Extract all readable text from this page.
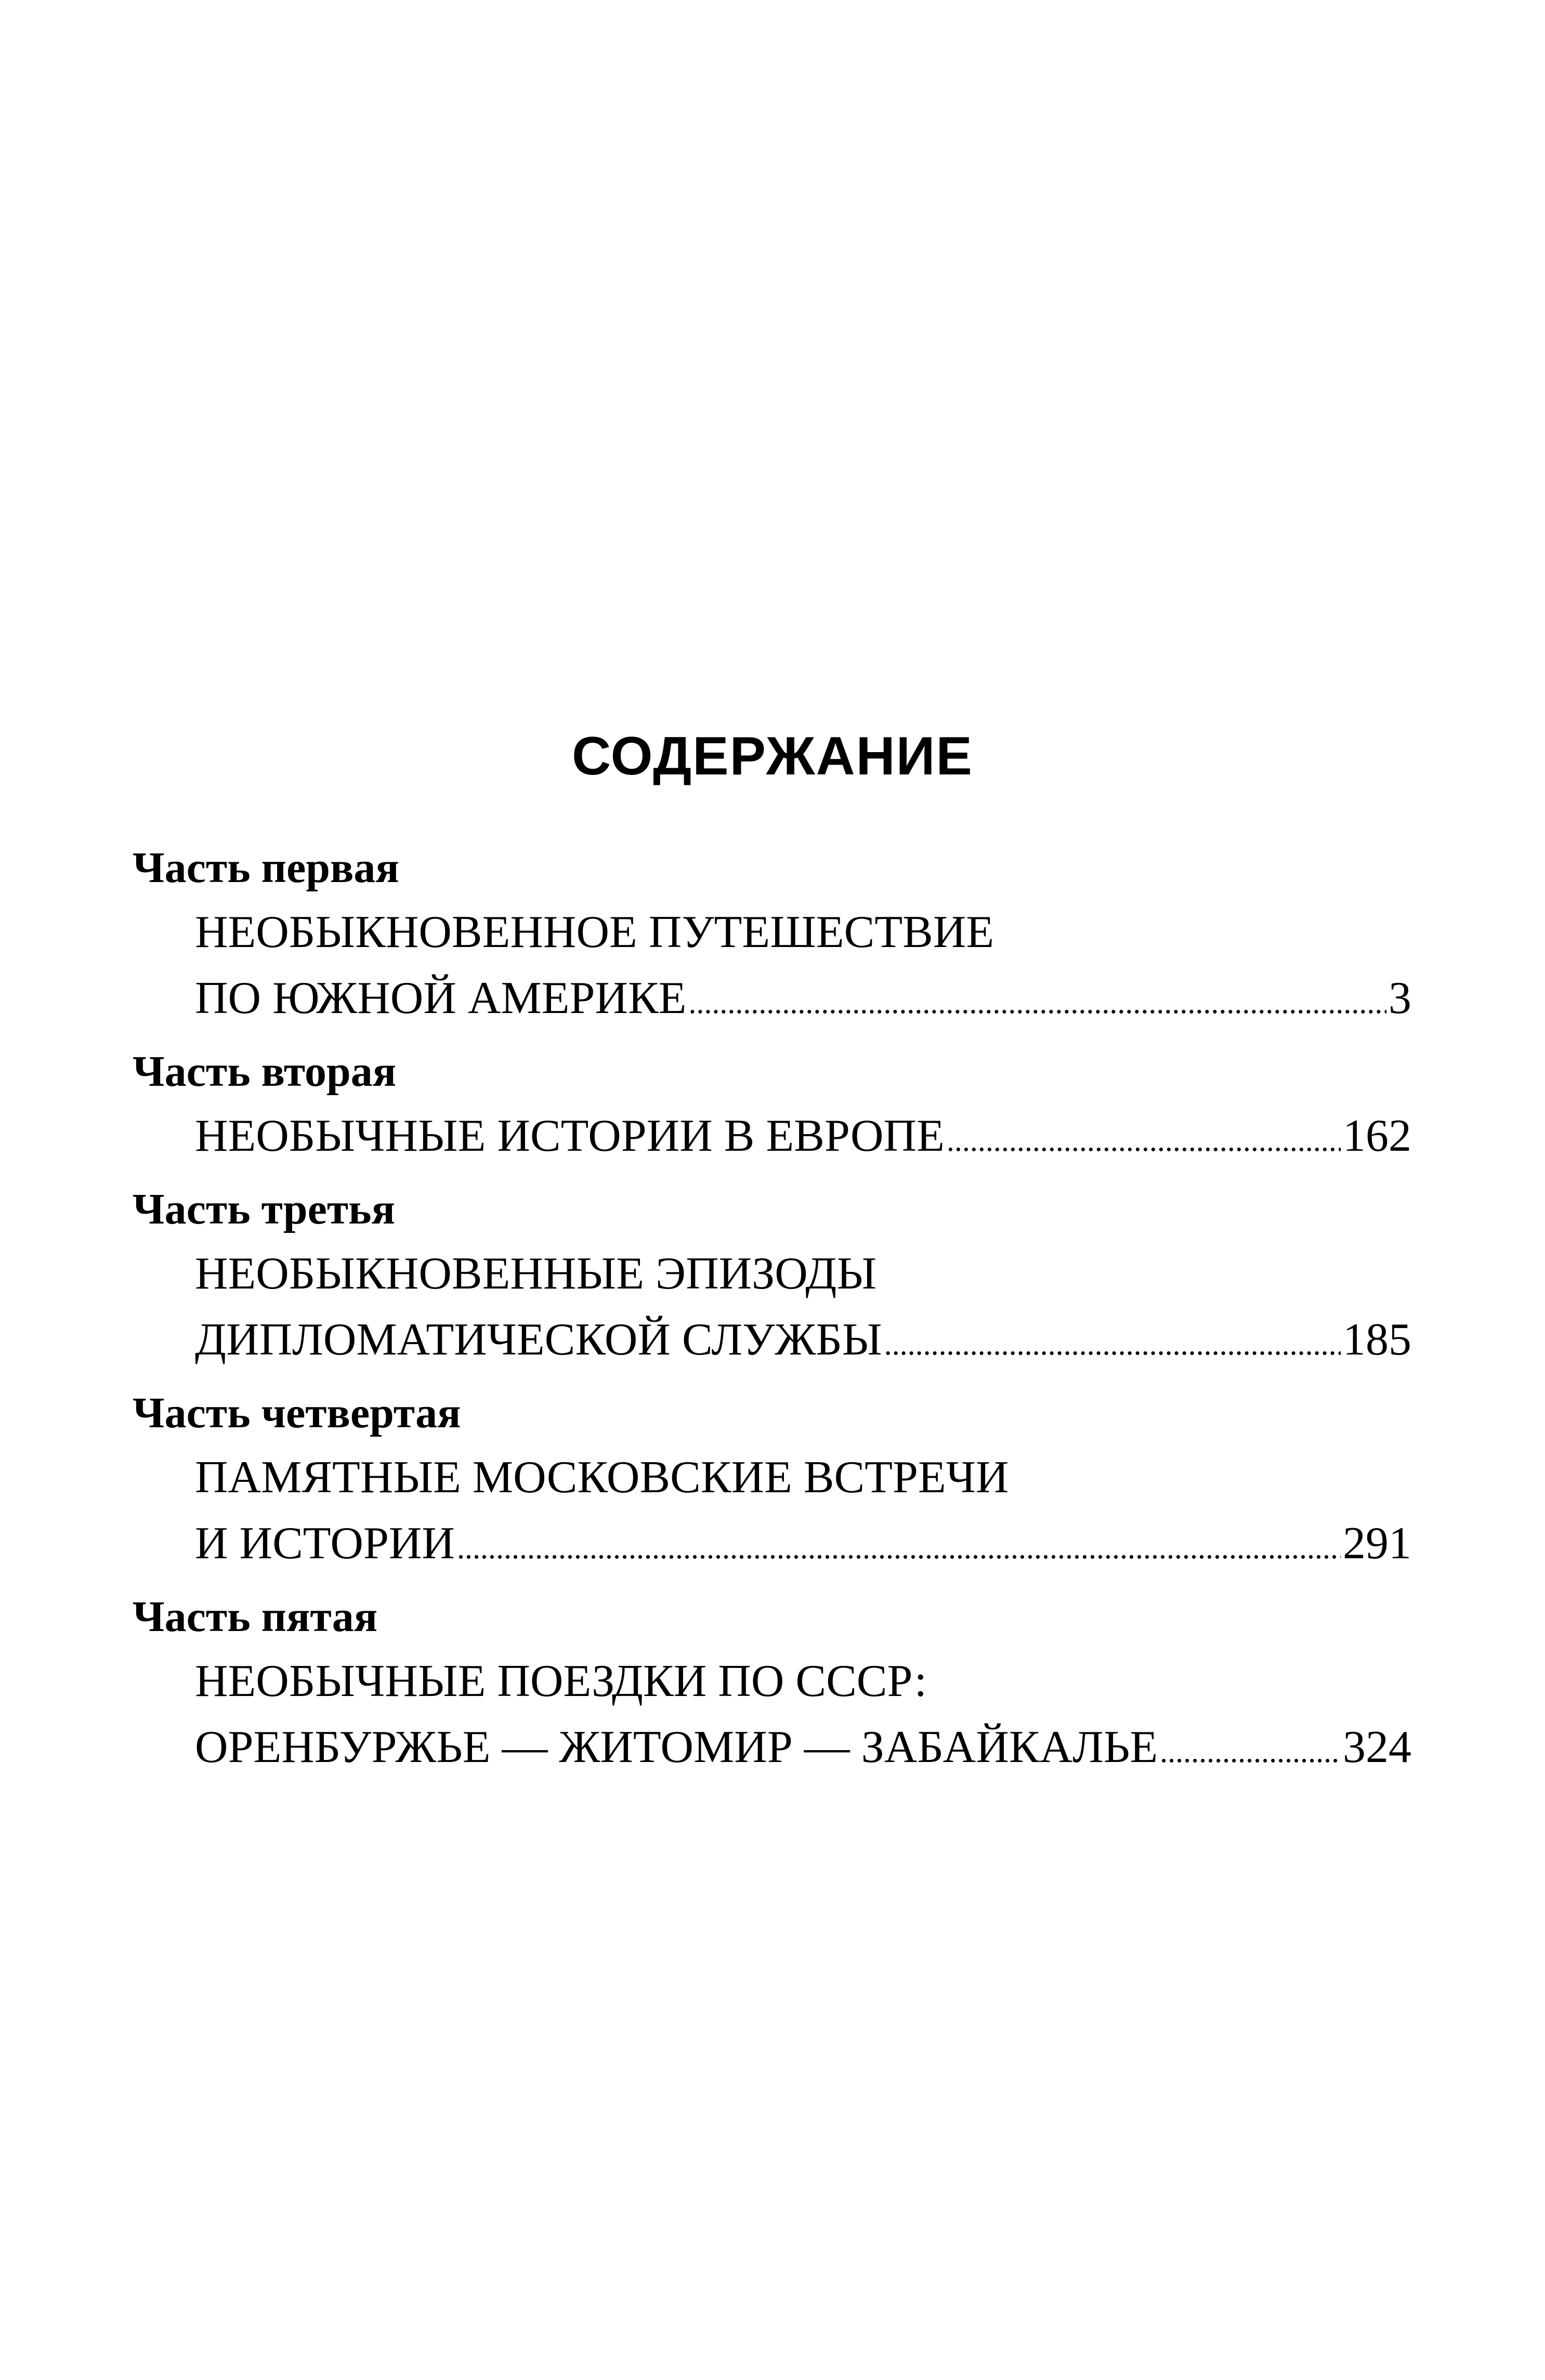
СОДЕРЖАНИЕ
Часть первая
НЕОБЫКНОВЕННОЕ ПУТЕШЕСТВИЕ
ПО ЮЖНОЙ АМЕРИКЕ .....	3
Часть вторая
НЕОБЫЧНЫЕ ИСТОРИИ В ЕВРОПЕ .....	162
Часть третья
НЕОБЫКНОВЕННЫЕ ЭПИЗОДЫ
ДИПЛОМАТИЧЕСКОЙ СЛУЖБЫ .....	185
Часть четвертая
ПАМЯТНЫЕ МОСКОВСКИЕ ВСТРЕЧИ
И ИСТОРИИ .....	291
Часть пятая
НЕОБЫЧНЫЕ ПОЕЗДКИ ПО СССР:
ОРЕНБУРЖЬЕ — ЖИТОМИР — ЗАБАЙКАЛЬЕ .....	324
